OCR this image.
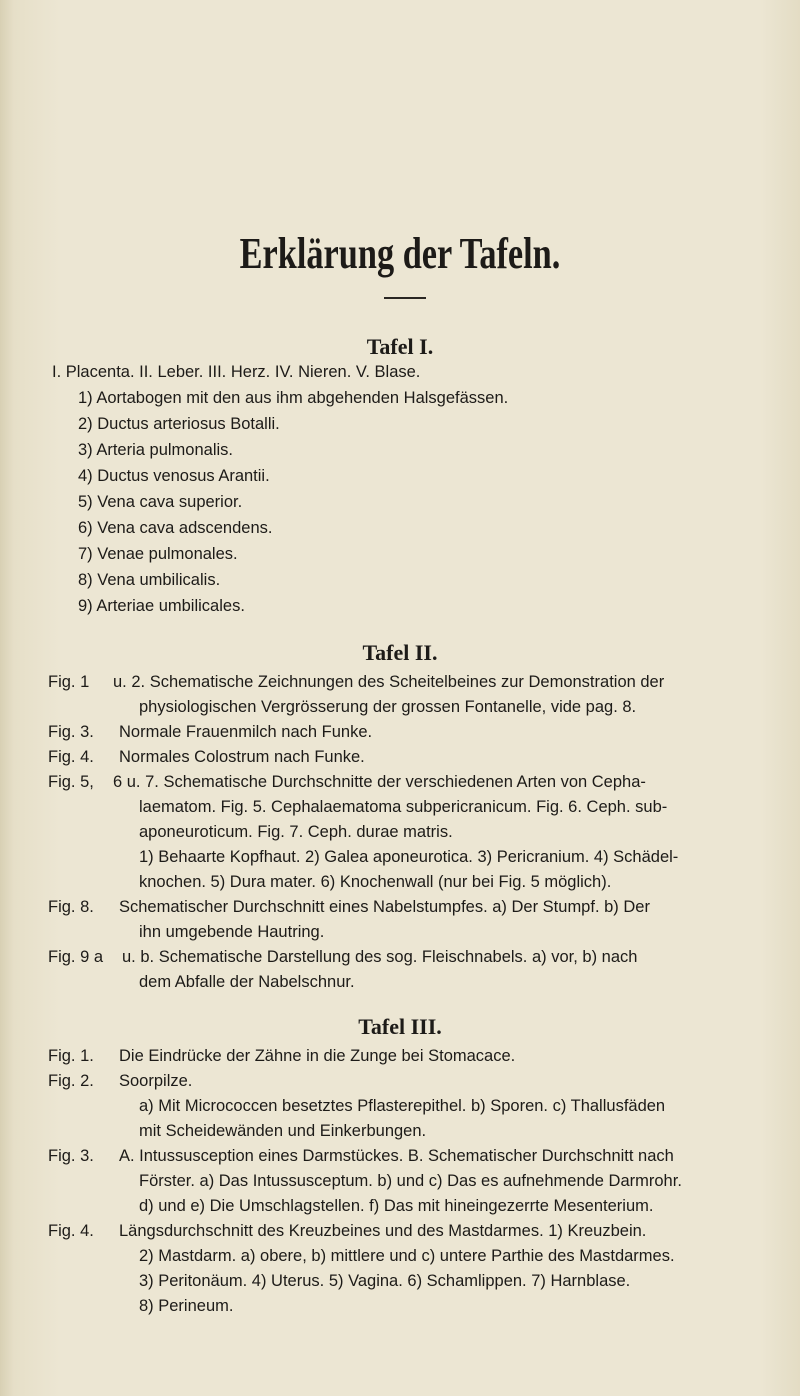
Erklärung der Tafeln.
Tafel I.
I. Placenta. II. Leber. III. Herz. IV. Nieren. V. Blase.
1) Aortabogen mit den aus ihm abgehenden Halsgefässen.
2) Ductus arteriosus Botalli.
3) Arteria pulmonalis.
4) Ductus venosus Arantii.
5) Vena cava superior.
6) Vena cava adscendens.
7) Venae pulmonales.
8) Vena umbilicalis.
9) Arteriae umbilicales.
Tafel II.
Fig. 1 u. 2. Schematische Zeichnungen des Scheitelbeines zur Demonstration der
physiologischen Vergrösserung der grossen Fontanelle, vide pag. 8.
Fig. 3. Normale Frauenmilch nach Funke.
Fig. 4. Normales Colostrum nach Funke.
Fig. 5, 6 u. 7. Schematische Durchschnitte der verschiedenen Arten von Cepha-
laematom. Fig. 5. Cephalaematoma subpericranicum. Fig. 6. Ceph. sub-
aponeuroticum. Fig. 7. Ceph. durae matris.
1) Behaarte Kopfhaut. 2) Galea aponeurotica. 3) Pericranium. 4) Schädel-
knochen. 5) Dura mater. 6) Knochenwall (nur bei Fig. 5 möglich).
Fig. 8. Schematischer Durchschnitt eines Nabelstumpfes. a) Der Stumpf. b) Der
ihn umgebende Hautring.
Fig. 9 a u. b. Schematische Darstellung des sog. Fleischnabels. a) vor, b) nach
dem Abfalle der Nabelschnur.
Tafel III.
Fig. 1. Die Eindrücke der Zähne in die Zunge bei Stomacace.
Fig. 2. Soorpilze.
a) Mit Micrococcen besetztes Pflasterepithel. b) Sporen. c) Thallusfäden
mit Scheidewänden und Einkerbungen.
Fig. 3. A. Intussusception eines Darmstückes. B. Schematischer Durchschnitt nach
Förster. a) Das Intussusceptum. b) und c) Das es aufnehmende Darmrohr.
d) und e) Die Umschlagstellen. f) Das mit hineingezerrte Mesenterium.
Fig. 4. Längsdurchschnitt des Kreuzbeines und des Mastdarmes. 1) Kreuzbein.
2) Mastdarm. a) obere, b) mittlere und c) untere Parthie des Mastdarmes.
3) Peritonäum. 4) Uterus. 5) Vagina. 6) Schamlippen. 7) Harnblase.
8) Perineum.
